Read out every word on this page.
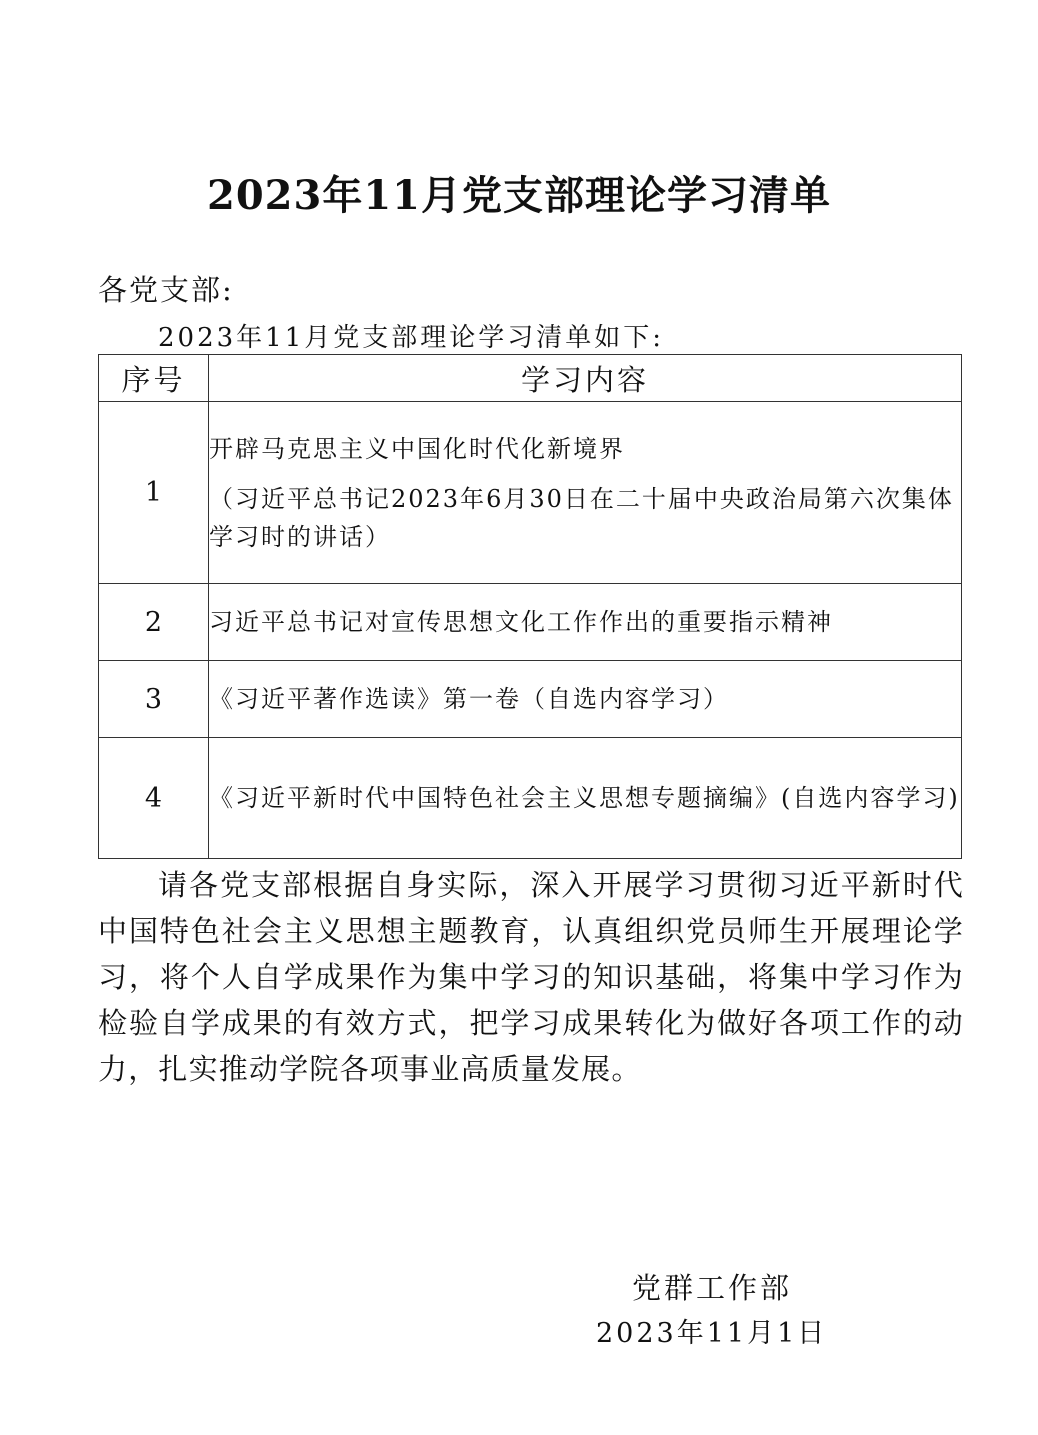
2023年11月党支部理论学习清单
各党支部:
2023年11月党支部理论学习清单如下:
序号	学习内容
1	开辟马克思主义中国化时代化新境界
（习近平总书记2023年6月30日在二十届中央政治局第六次集体学习时的讲话）

2	习近平总书记对宣传思想文化工作作出的重要指示精神
3	《习近平著作选读》第一卷（自选内容学习）
4	《习近平新时代中国特色社会主义思想专题摘编》(自选内容学习)
请各党支部根据自身实际，深入开展学习贯彻习近平新时代中国特色社会主义思想主题教育，认真组织党员师生开展理论学习，将个人自学成果作为集中学习的知识基础，将集中学习作为检验自学成果的有效方式，把学习成果转化为做好各项工作的动力，扎实推动学院各项事业高质量发展。
党群工作部
2023年11月1日
